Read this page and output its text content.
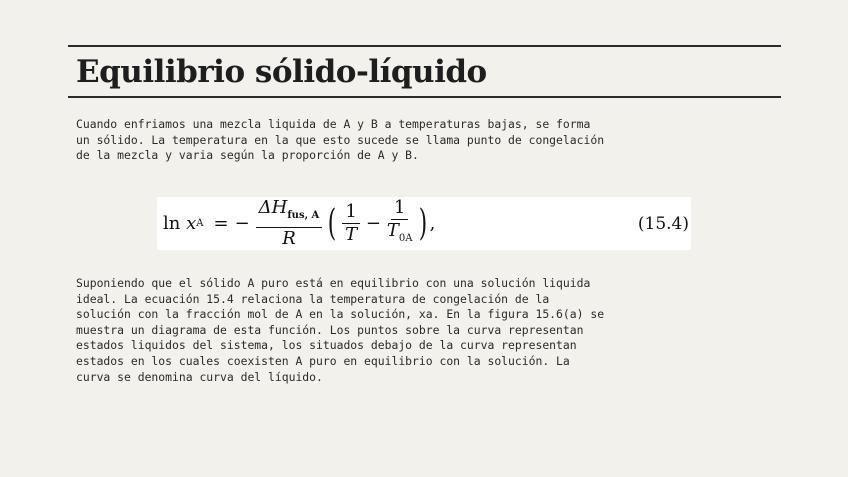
Equilibrio sólido-líquido
Cuando enfriamos una mezcla liquida de A y B a temperaturas bajas, se forma
un sólido. La temperatura en la que esto sucede se llama punto de congelación
de la mezcla y varia según la proporción de A y B.
ln
x A = − $\frac{\Delta H_{fus, A}}{R}$ ( $\frac{1}{T} - \frac{1}{T_{0A}}$ ) ,	(15.4)
Suponiendo que el sólido A puro está en equilibrio con una solución liquida
ideal. La ecuación 15.4 relaciona la temperatura de congelación de la
solución con la fracción mol de A en la solución, xa. En la figura 15.6(a) se
muestra un diagrama de esta función. Los puntos sobre la curva representan
estados liquidos del sistema, los situados debajo de la curva representan
estados en los cuales coexisten A puro en equilibrio con la solución. La
curva se denomina curva del líquido.
